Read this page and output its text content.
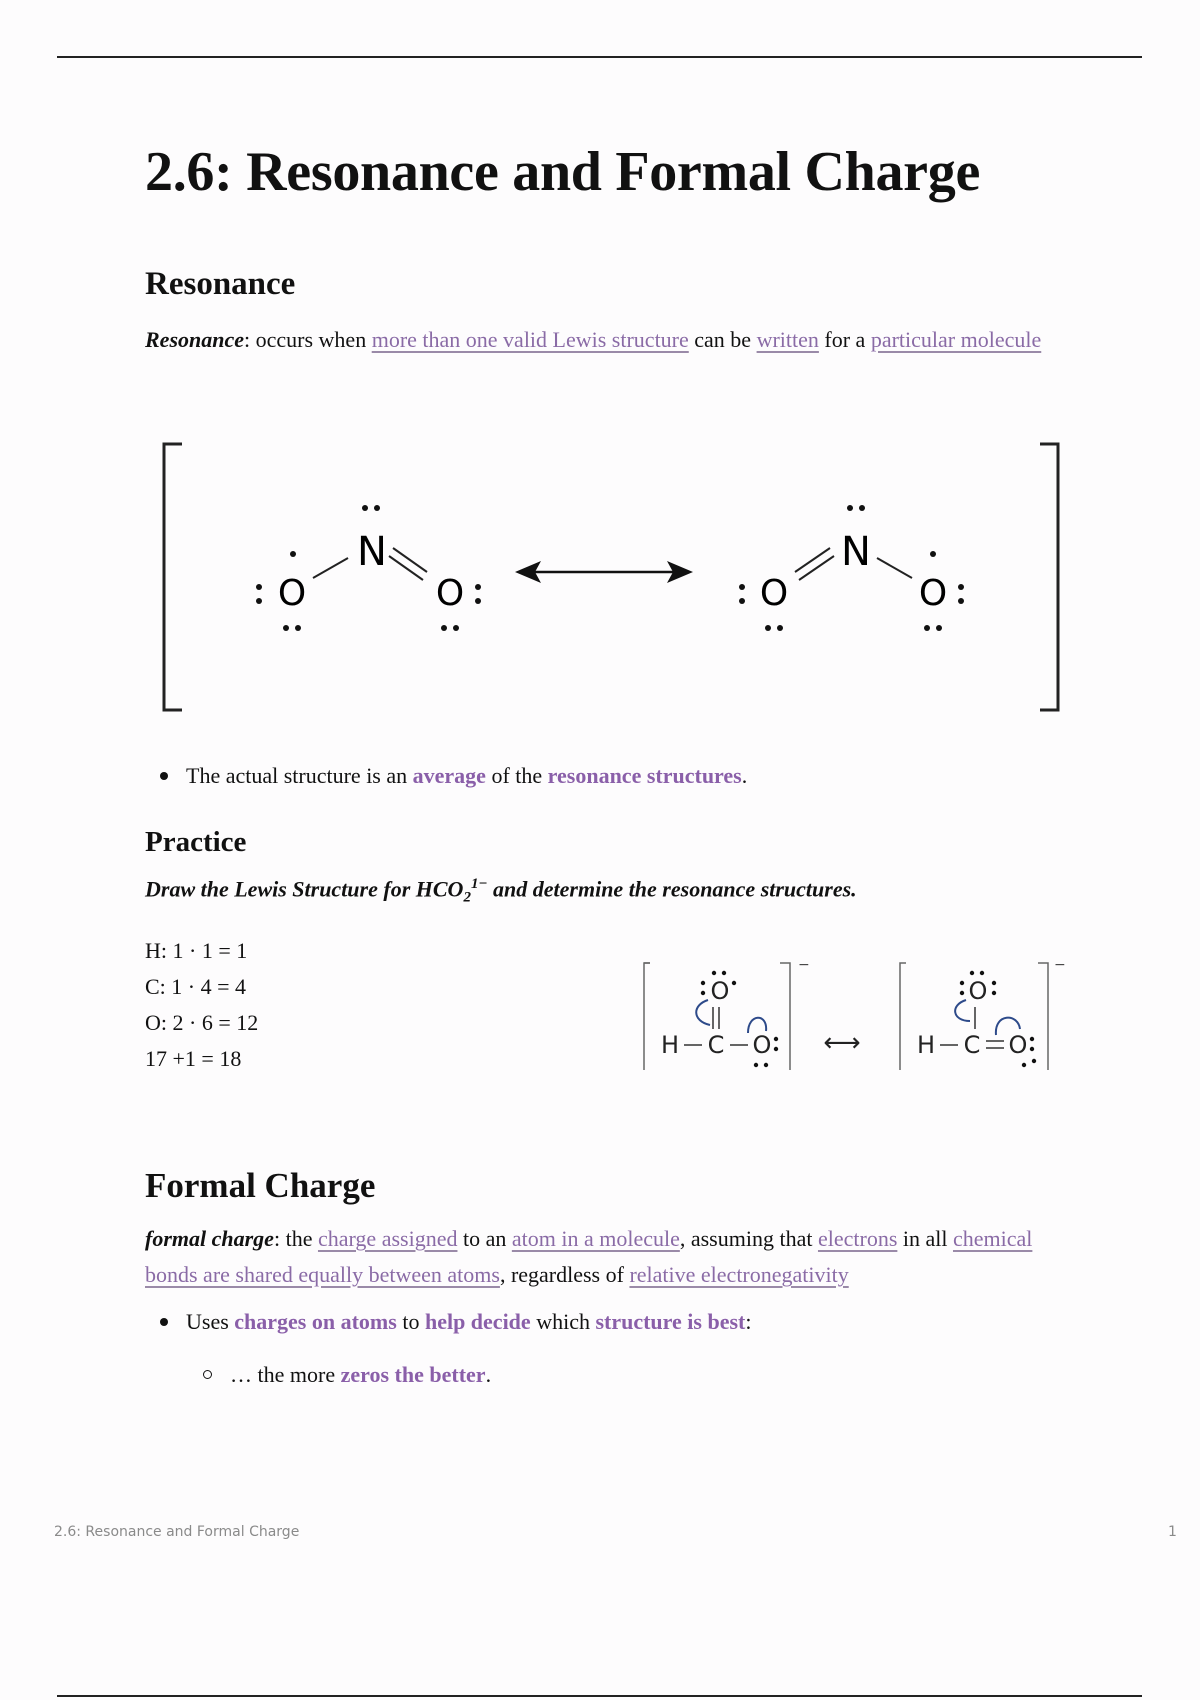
2.6: Resonance and Formal Charge
Resonance

Resonance: occurs when more than one valid Lewis structure can be written for a particular molecule

O
N
O	O
N
O
The actual structure is an average of the resonance structures.
Practice
Draw the Lewis Structure for $HCO_2^{1-}$ and determine the resonance structures.
H: 1 · 1 = 1
C: 1 · 4 = 4
O: 2 · 6 = 12
17 +1 = 18
−
H C
O
O ⟷
−
H C
O
O
Formal Charge

formal charge: the charge assigned to an atom in a molecule, assuming that electrons in all chemical bonds are shared equally between atoms, regardless of relative electronegativity

Uses charges on atoms to help decide which structure is best:
… the more zeros the better.
2.6: Resonance and Formal Charge	1
